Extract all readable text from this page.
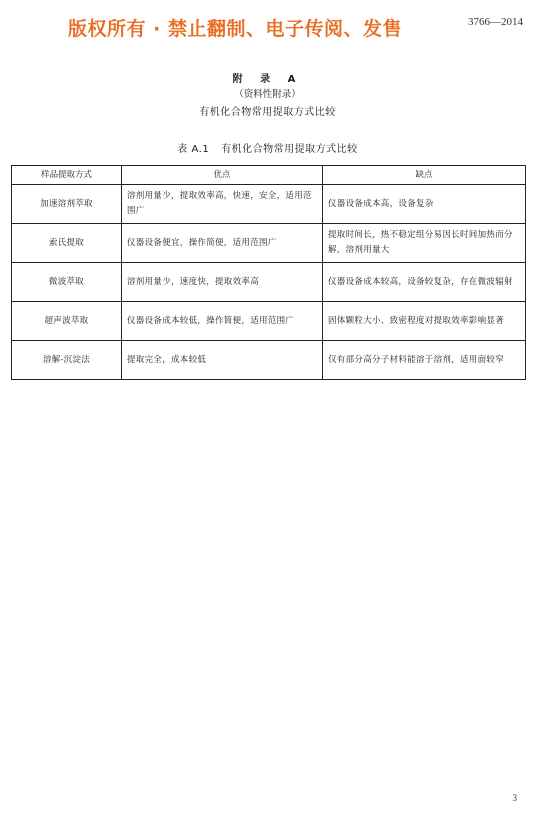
版权所有 · 禁止翻制、电子传阅、发售	3766—2014
附 录 A
（资料性附录）
有机化合物常用提取方式比较
表 A.1 有机化合物常用提取方式比较
样品提取方式	优点	缺点
加速溶剂萃取	溶剂用量少，提取效率高，快速，安全，适用范围广	仪器设备成本高，设备复杂
索氏提取	仪器设备便宜，操作简便，适用范围广	提取时间长，热不稳定组分易因长时间加热而分解，溶剂用量大
微波萃取	溶剂用量少，速度快，提取效率高	仪器设备成本较高，设备较复杂，存在微波辐射
超声波萃取	仪器设备成本较低，操作简便，适用范围广	固体颗粒大小、致密程度对提取效率影响显著
溶解-沉淀法	提取完全，成本较低	仅有部分高分子材料能溶于溶剂，适用面较窄
3
